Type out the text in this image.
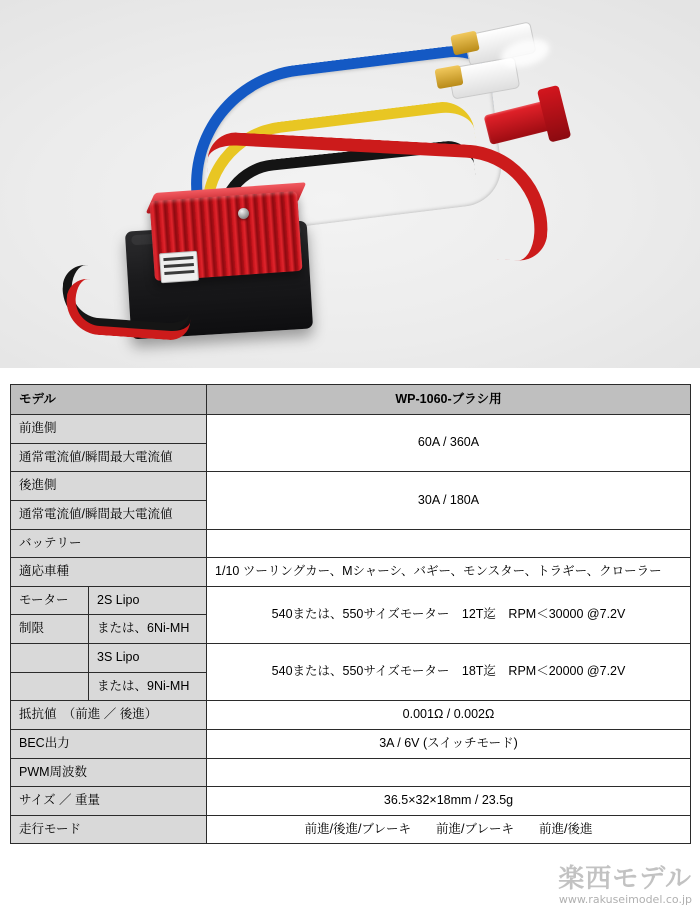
モデル		WP-1060-ブラシ用
前進側		60A / 360A
通常電流値/瞬間最大電流値		
後進側		30A / 180A
通常電流値/瞬間最大電流値		
バッテリー		
適応車種		1/10 ツーリングカー、Mシャーシ、バギー、モンスター、トラギー、クローラー
モーター	2S Lipo	540または、550サイズモーター　12T迄　RPM＜30000 @7.2V
制限	または、6Ni-MH	
	3S Lipo	540または、550サイズモーター　18T迄　RPM＜20000 @7.2V
	または、9Ni-MH	
抵抗値　（前進 ／ 後進）		0.001Ω / 0.002Ω
BEC出力		3A / 6V (スイッチモード)
PWM周波数		
サイズ ／ 重量		36.5×32×18mm / 23.5g
走行モード		前進/後進/ブレーキ　　前進/ブレーキ　　前進/後進
楽西モデル
www.rakuseimodel.co.jp
